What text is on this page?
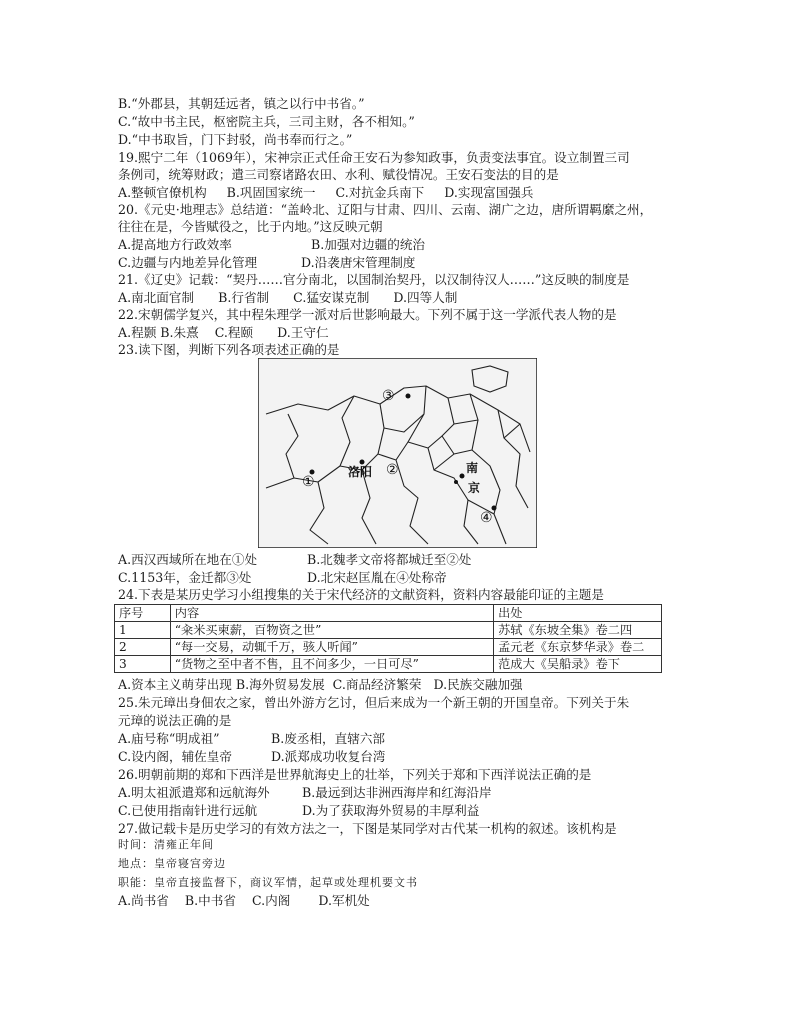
B.“外郡县，其朝廷远者，镇之以行中书省。”
C.“故中书主民，枢密院主兵，三司主财，各不相知。”
D.“中书取旨，门下封驳，尚书奉而行之。”
19.熙宁二年（1069年），宋神宗正式任命王安石为参知政事，负责变法事宜。设立制置三司
条例司，统筹财政；遣三司察诸路农田、水利、赋役情况。王安石变法的目的是
A.整顿官僚机构     B.巩固国家统一     C.对抗金兵南下     D.实现富国强兵
20.《元史·地理志》总结道：“盖岭北、辽阳与甘肃、四川、云南、湖广之边，唐所谓羁縻之州，
往往在是，今皆赋役之，比于内地。”这反映元朝
A.提高地方行政效率	B.加强对边疆的统治
C.边疆与内地差异化管理	D.沿袭唐宋管理制度
21.《辽史》记载：“契丹……官分南北，以国制治契丹，以汉制待汉人……”这反映的制度是
A.南北面官制      B.行省制      C.猛安谋克制      D.四等人制
22.宋朝儒学复兴，其中程朱理学一派对后世影响最大。下列不属于这一学派代表人物的是
A.程颢 B.朱熹    C.程颐      D.王守仁
23.读下图，判断下列各项表述正确的是
③
洛阳 ②
①
南
京
④
A.西汉西域所在地在①处	B.北魏孝文帝将都城迁至②处
C.1153年，金迁都③处	D.北宋赵匡胤在④处称帝
24.下表是某历史学习小组搜集的关于宋代经济的文献资料，资料内容最能印证的主题是
序号	内容	出处
1	“籴米买柬薪，百物资之世”	苏轼《东坡全集》卷二四
2	“每一交易，动辄千万，骇人听闻”	孟元老《东京梦华录》卷二
3	“货物之至中者不售，且不问多少，一日可尽”	范成大《吴船录》卷下
A.资本主义萌芽出现 B.海外贸易发展  C.商品经济繁荣   D.民族交融加强
25.朱元璋出身佃农之家，曾出外游方乞讨，但后来成为一个新王朝的开国皇帝。下列关于朱
元璋的说法正确的是
A.庙号称“明成祖”	B.废丞相，直辖六部
C.设内阁，辅佐皇帝	D.派郑成功收复台湾
26.明朝前期的郑和下西洋是世界航海史上的壮举，下列关于郑和下西洋说法正确的是
A.明太祖派遣郑和远航海外	B.最远到达非洲西海岸和红海沿岸
C.已使用指南针进行远航	D.为了获取海外贸易的丰厚利益
27.做记载卡是历史学习的有效方法之一，下图是某同学对古代某一机构的叙述。该机构是
时间：清雍正年间
地点：皇帝寝宫旁边
职能：皇帝直接监督下，商议军情，起草或处理机要文书
A.尚书省    B.中书省    C.内阁       D.军机处
